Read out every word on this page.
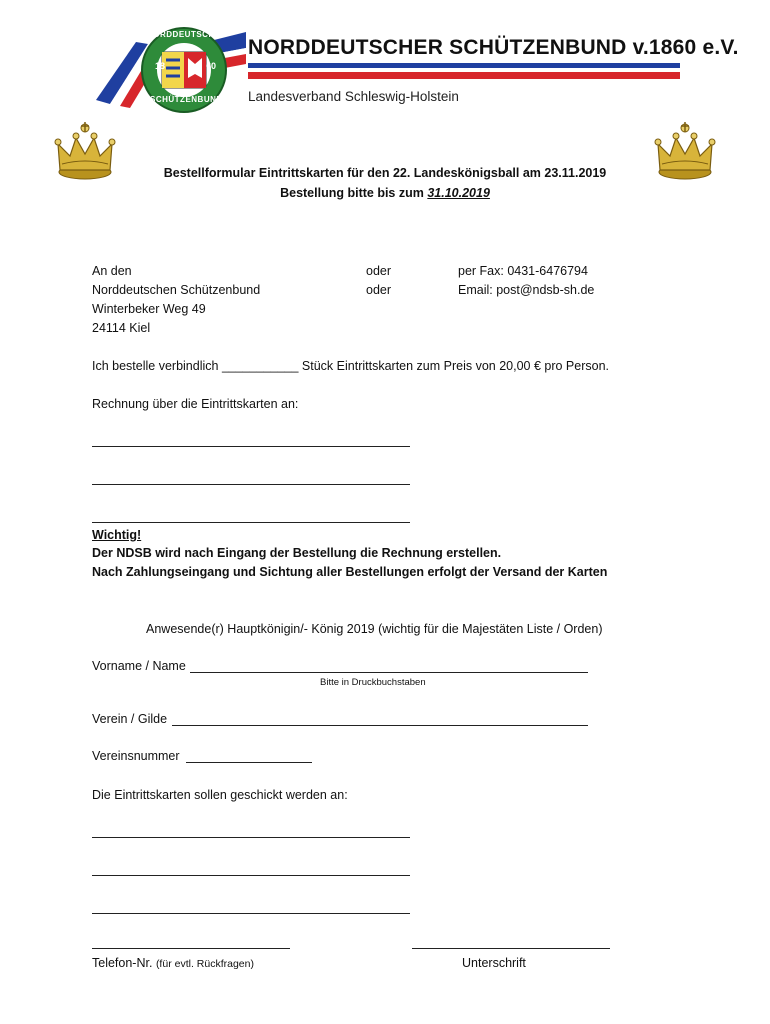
NORDDEUTSCHER
SCHÜTZENBUND
18	60
NORDDEUTSCHER SCHÜTZENBUND v.1860 e.V.
Landesverband Schleswig-Holstein
Bestellformular Eintrittskarten für den 22. Landeskönigsball am 23.11.2019
Bestellung bitte bis zum 31.10.2019
An den
Norddeutschen Schützenbund
Winterbeker Weg 49
24114 Kiel
oder
oder
per Fax: 0431-6476794
Email: post@ndsb-sh.de
Ich bestelle verbindlich ___________ Stück Eintrittskarten zum Preis von 20,00 € pro Person.
Rechnung über die Eintrittskarten an:
Wichtig!
Der NDSB wird nach Eingang der Bestellung die Rechnung erstellen.
Nach Zahlungseingang und Sichtung aller Bestellungen erfolgt der Versand der Karten
Anwesende(r) Hauptkönigin/- König 2019 (wichtig für die Majestäten Liste / Orden)
Vorname / Name
Bitte in Druckbuchstaben
Verein / Gilde
Vereinsnummer
Die Eintrittskarten sollen geschickt werden an:
Telefon-Nr. (für evtl. Rückfragen)	Unterschrift
